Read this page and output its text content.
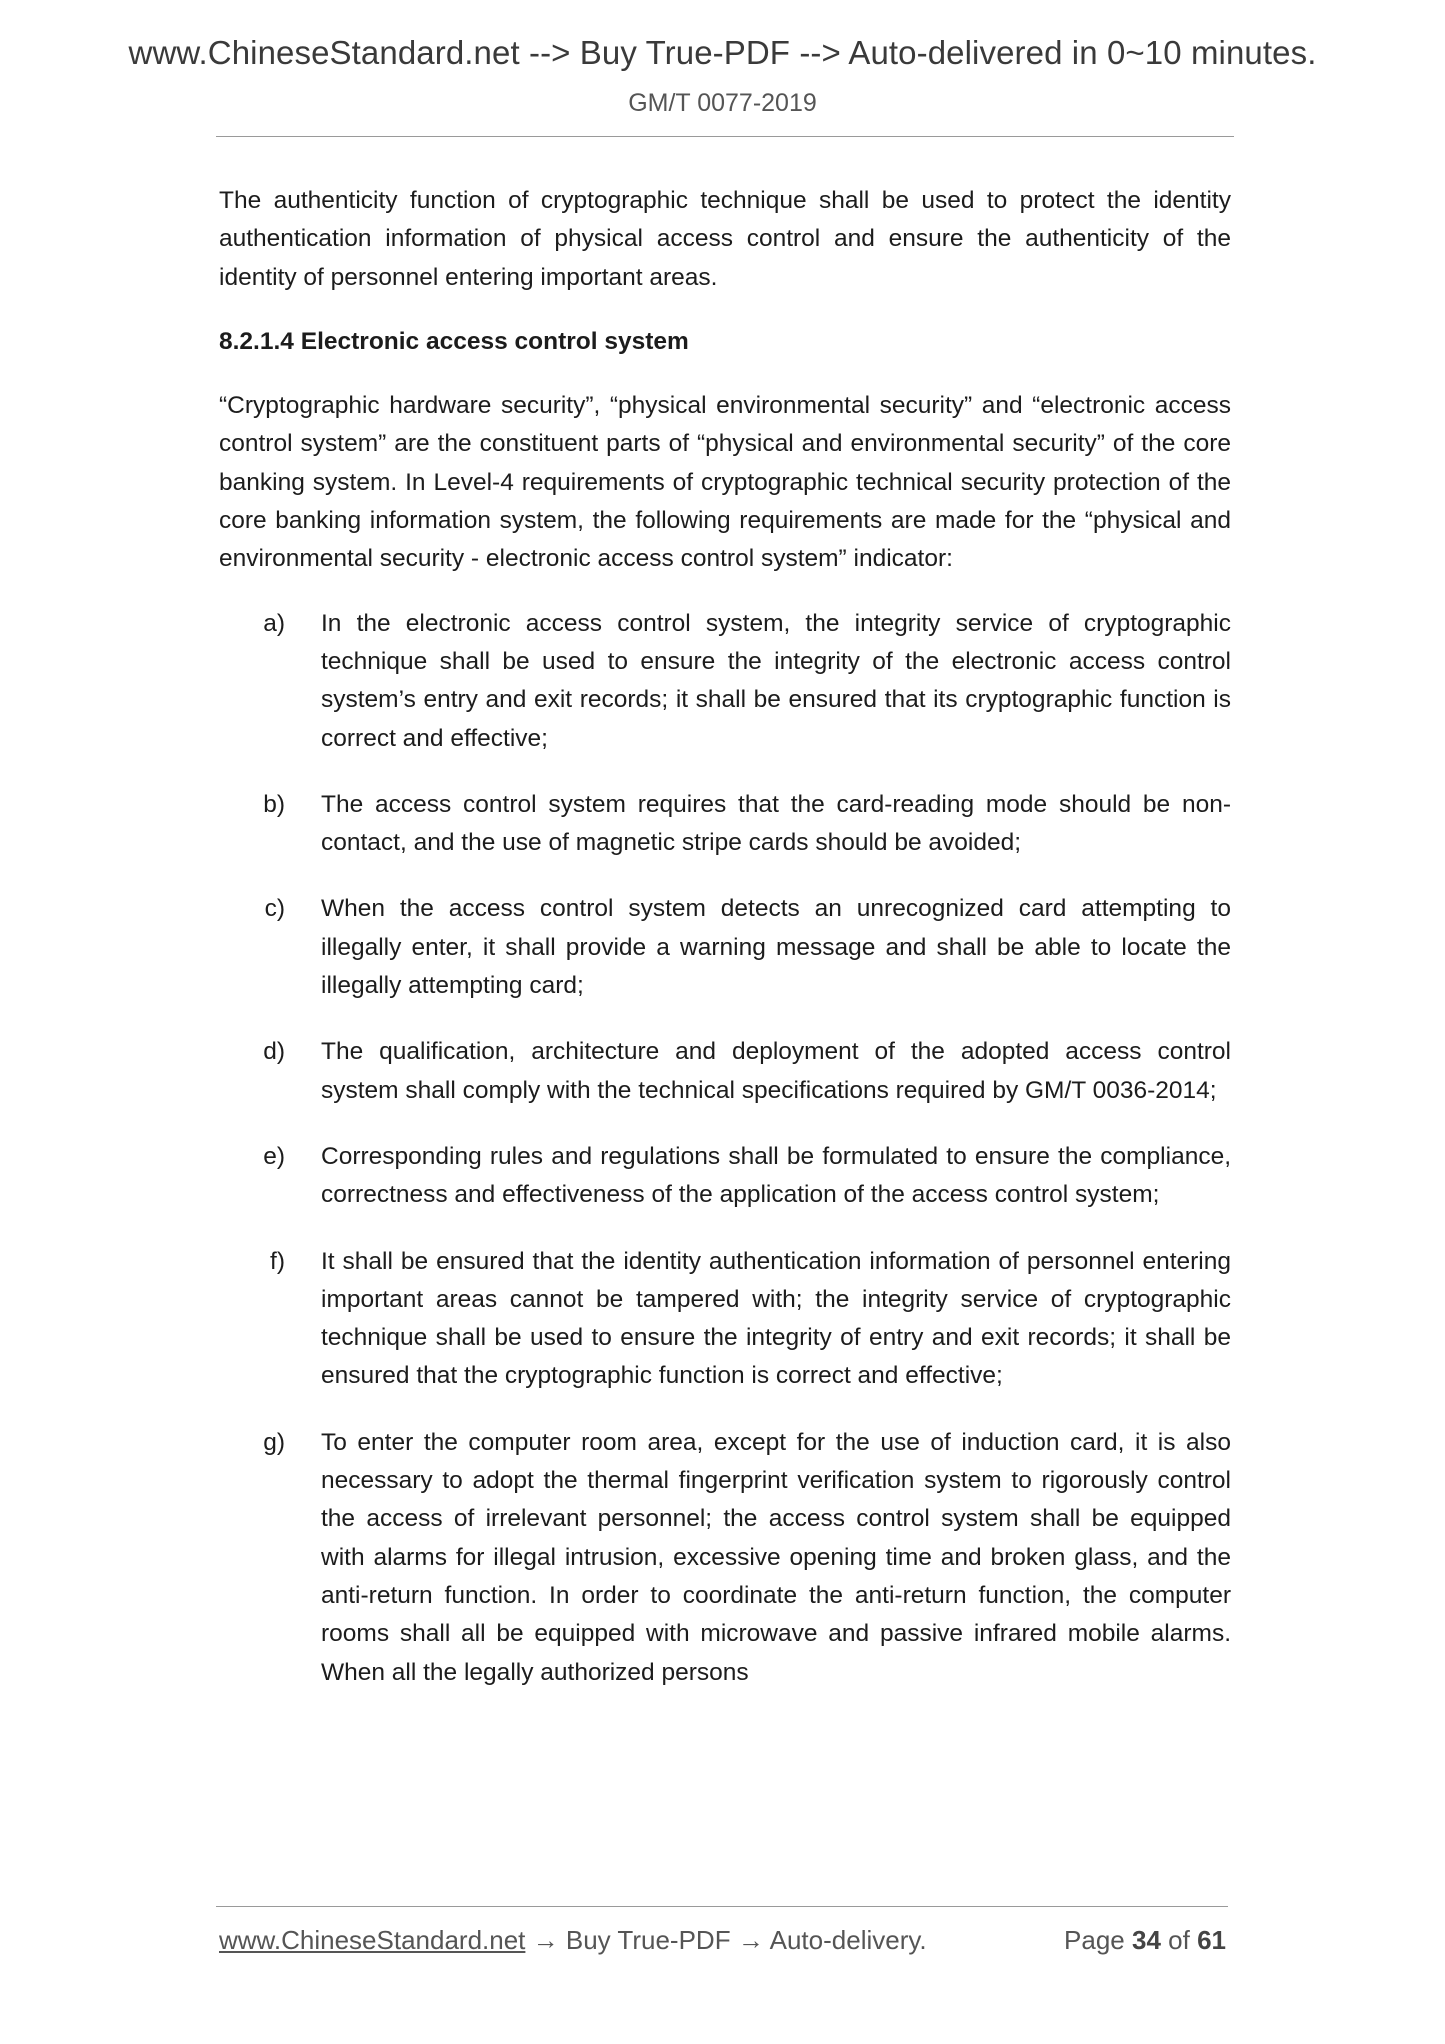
www.ChineseStandard.net --> Buy True-PDF --> Auto-delivered in 0~10 minutes.
GM/T 0077-2019

The authenticity function of cryptographic technique shall be used to protect the identity authentication information of physical access control and ensure the authenticity of the identity of personnel entering important areas.

8.2.1.4 Electronic access control system

“Cryptographic hardware security”, “physical environmental security” and “electronic access control system” are the constituent parts of “physical and environmental security” of the core banking system. In Level-4 requirements of cryptographic technical security protection of the core banking information system, the following requirements are made for the “physical and environmental security - electronic access control system” indicator:

a)	In the electronic access control system, the integrity service of cryptographic technique shall be used to ensure the integrity of the electronic access control system’s entry and exit records; it shall be ensured that its cryptographic function is correct and effective;
b)	The access control system requires that the card-reading mode should be non-contact, and the use of magnetic stripe cards should be avoided;
c)	When the access control system detects an unrecognized card attempting to illegally enter, it shall provide a warning message and shall be able to locate the illegally attempting card;
d)	The qualification, architecture and deployment of the adopted access control system shall comply with the technical specifications required by GM/T 0036-2014;
e)	Corresponding rules and regulations shall be formulated to ensure the compliance, correctness and effectiveness of the application of the access control system;
f)	It shall be ensured that the identity authentication information of personnel entering important areas cannot be tampered with; the integrity service of cryptographic technique shall be used to ensure the integrity of entry and exit records; it shall be ensured that the cryptographic function is correct and effective;
g)	To enter the computer room area, except for the use of induction card, it is also necessary to adopt the thermal fingerprint verification system to rigorously control the access of irrelevant personnel; the access control system shall be equipped with alarms for illegal intrusion, excessive opening time and broken glass, and the anti-return function. In order to coordinate the anti-return function, the computer rooms shall all be equipped with microwave and passive infrared mobile alarms. When all the legally authorized persons
www.ChineseStandard.net → Buy True-PDF → Auto-delivery.	Page 34 of 61
